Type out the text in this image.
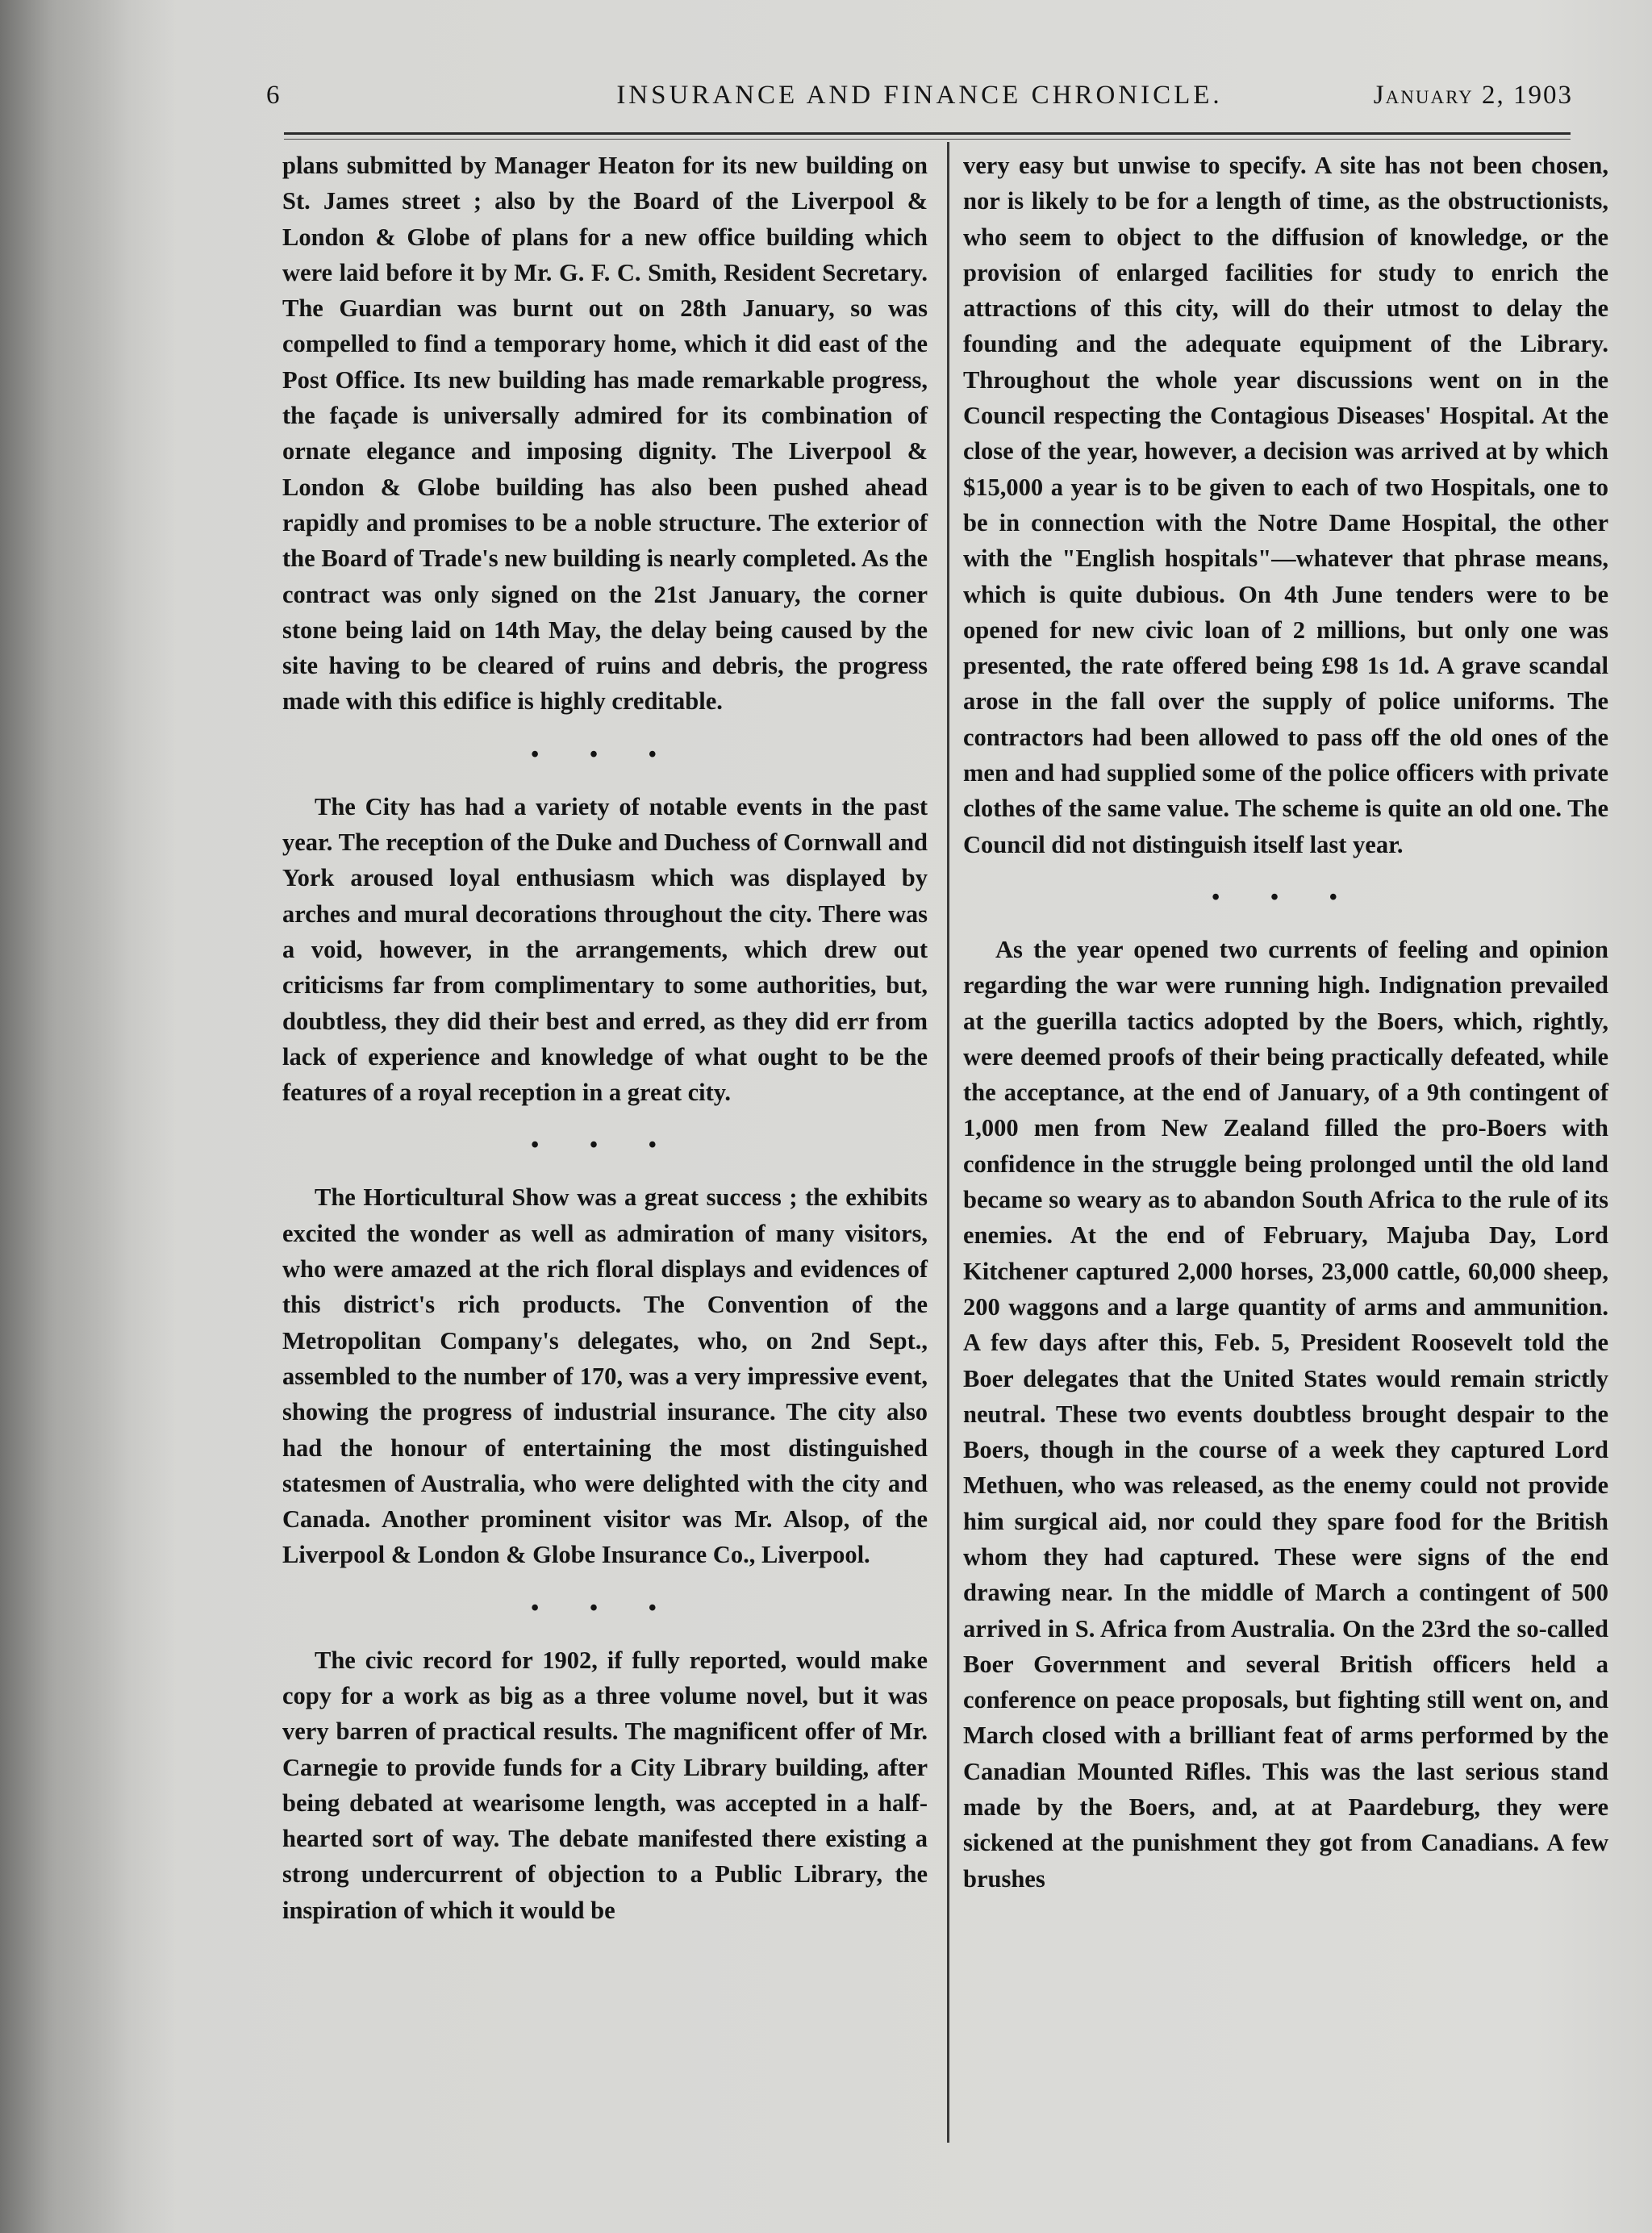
6	INSURANCE AND FINANCE CHRONICLE.	January 2, 1903

plans submitted by Manager Heaton for its new building on St. James street ; also by the Board of the Liverpool & London & Globe of plans for a new office building which were laid before it by Mr. G. F. C. Smith, Resident Secretary. The Guardian was burnt out on 28th January, so was compelled to find a temporary home, which it did east of the Post Office. Its new building has made remarkable progress, the façade is universally admired for its combination of ornate elegance and imposing dignity. The Liverpool & London & Globe building has also been pushed ahead rapidly and promises to be a noble structure. The exterior of the Board of Trade's new building is nearly completed. As the contract was only signed on the 21st January, the corner stone being laid on 14th May, the delay being caused by the site having to be cleared of ruins and debris, the progress made with this edifice is highly creditable.

• • •

The City has had a variety of notable events in the past year. The reception of the Duke and Duchess of Cornwall and York aroused loyal enthusiasm which was displayed by arches and mural decorations throughout the city. There was a void, however, in the arrangements, which drew out criticisms far from complimentary to some authorities, but, doubtless, they did their best and erred, as they did err from lack of experience and knowledge of what ought to be the features of a royal reception in a great city.

• • •

The Horticultural Show was a great success ; the exhibits excited the wonder as well as admiration of many visitors, who were amazed at the rich floral displays and evidences of this district's rich products. The Convention of the Metropolitan Company's delegates, who, on 2nd Sept., assembled to the number of 170, was a very impressive event, showing the progress of industrial insurance. The city also had the honour of entertaining the most distinguished statesmen of Australia, who were delighted with the city and Canada. Another prominent visitor was Mr. Alsop, of the Liverpool & London & Globe Insurance Co., Liverpool.

• • •

The civic record for 1902, if fully reported, would make copy for a work as big as a three volume novel, but it was very barren of practical results. The magnificent offer of Mr. Carnegie to provide funds for a City Library building, after being debated at wearisome length, was accepted in a half-hearted sort of way. The debate manifested there existing a strong undercurrent of objection to a Public Library, the inspiration of which it would be

very easy but unwise to specify. A site has not been chosen, nor is likely to be for a length of time, as the obstructionists, who seem to object to the diffusion of knowledge, or the provision of enlarged facilities for study to enrich the attractions of this city, will do their utmost to delay the founding and the adequate equipment of the Library. Throughout the whole year discussions went on in the Council respecting the Contagious Diseases' Hospital. At the close of the year, however, a decision was arrived at by which $15,000 a year is to be given to each of two Hospitals, one to be in connection with the Notre Dame Hospital, the other with the "English hospitals"—whatever that phrase means, which is quite dubious. On 4th June tenders were to be opened for new civic loan of 2 millions, but only one was presented, the rate offered being £98 1s 1d. A grave scandal arose in the fall over the supply of police uniforms. The contractors had been allowed to pass off the old ones of the men and had supplied some of the police officers with private clothes of the same value. The scheme is quite an old one. The Council did not distinguish itself last year.

• • •

As the year opened two currents of feeling and opinion regarding the war were running high. Indignation prevailed at the guerilla tactics adopted by the Boers, which, rightly, were deemed proofs of their being practically defeated, while the acceptance, at the end of January, of a 9th contingent of 1,000 men from New Zealand filled the pro-Boers with confidence in the struggle being prolonged until the old land became so weary as to abandon South Africa to the rule of its enemies. At the end of February, Majuba Day, Lord Kitchener captured 2,000 horses, 23,000 cattle, 60,000 sheep, 200 waggons and a large quantity of arms and ammunition. A few days after this, Feb. 5, President Roosevelt told the Boer delegates that the United States would remain strictly neutral. These two events doubtless brought despair to the Boers, though in the course of a week they captured Lord Methuen, who was released, as the enemy could not provide him surgical aid, nor could they spare food for the British whom they had captured. These were signs of the end drawing near. In the middle of March a contingent of 500 arrived in S. Africa from Australia. On the 23rd the so-called Boer Government and several British officers held a conference on peace proposals, but fighting still went on, and March closed with a brilliant feat of arms performed by the Canadian Mounted Rifles. This was the last serious stand made by the Boers, and, at at Paardeburg, they were sickened at the punishment they got from Canadians. A few brushes
